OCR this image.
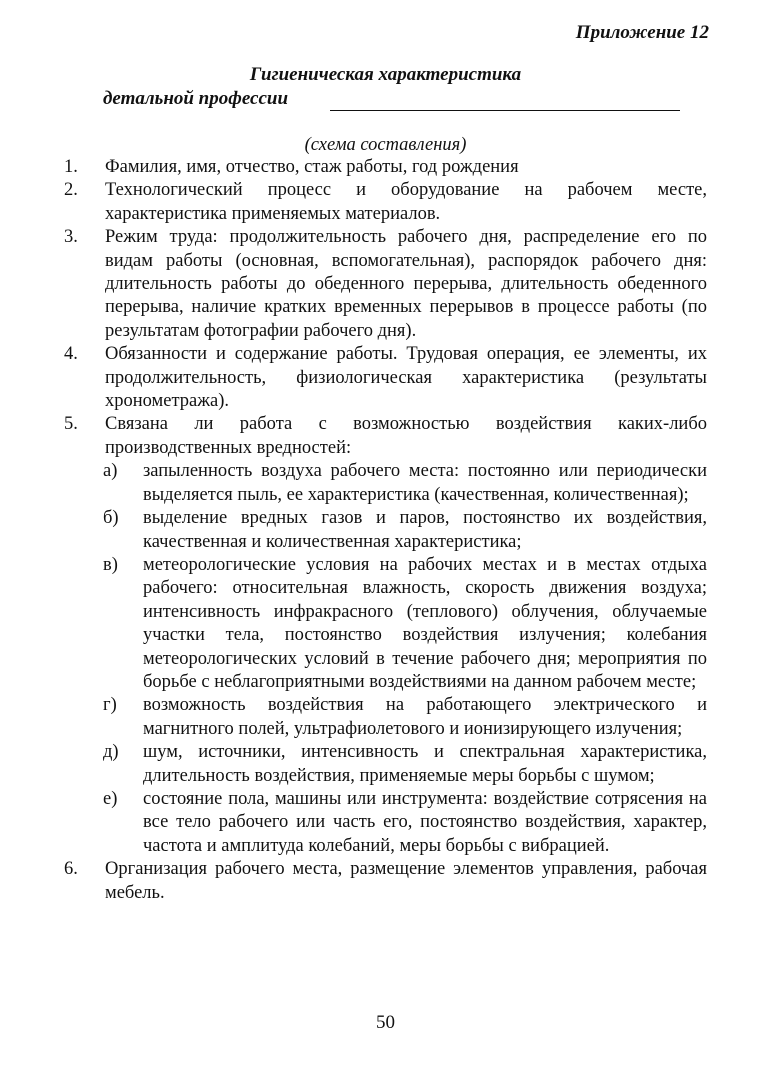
Приложение 12
Гигиеническая характеристика
детальной профессии
(схема составления)
1. Фамилия, имя, отчество, стаж работы, год рождения
2. Технологический процесс и оборудование на рабочем месте, характеристика применяемых материалов.
3. Режим труда: продолжительность рабочего дня, распределение его по видам работы (основная, вспомогательная), распорядок рабочего дня: длительность работы до обеденного перерыва, длительность обеденного перерыва, наличие кратких временных перерывов в процессе работы (по результатам фотографии рабочего дня).
4. Обязанности и содержание работы. Трудовая операция, ее элементы, их продолжительность, физиологическая характеристика (результаты хронометража).
5. Связана ли работа с возможностью воздействия каких-либо производственных вредностей:
а) запыленность воздуха рабочего места: постоянно или периодически выделяется пыль, ее характеристика (качественная, количественная);
б) выделение вредных газов и паров, постоянство их воздействия, качественная и количественная характеристика;
в) метеорологические условия на рабочих местах и в местах отдыха рабочего: относительная влажность, скорость движения воздуха; интенсивность инфракрасного (теплового) облучения, облучаемые участки тела, постоянство воздействия излучения; колебания метеорологических условий в течение рабочего дня; мероприятия по борьбе с неблагоприятными воздействиями на данном рабочем месте;
г) возможность воздействия на работающего электрического и магнитного полей, ультрафиолетового и ионизирующего излучения;
д) шум, источники, интенсивность и спектральная характеристика, длительность воздействия, применяемые меры борьбы с шумом;
е) состояние пола, машины или инструмента: воздействие сотрясения на все тело рабочего или часть его, постоянство воздействия, характер, частота и амплитуда колебаний, меры борьбы с вибрацией.
6. Организация рабочего места, размещение элементов управления, рабочая мебель.
50
